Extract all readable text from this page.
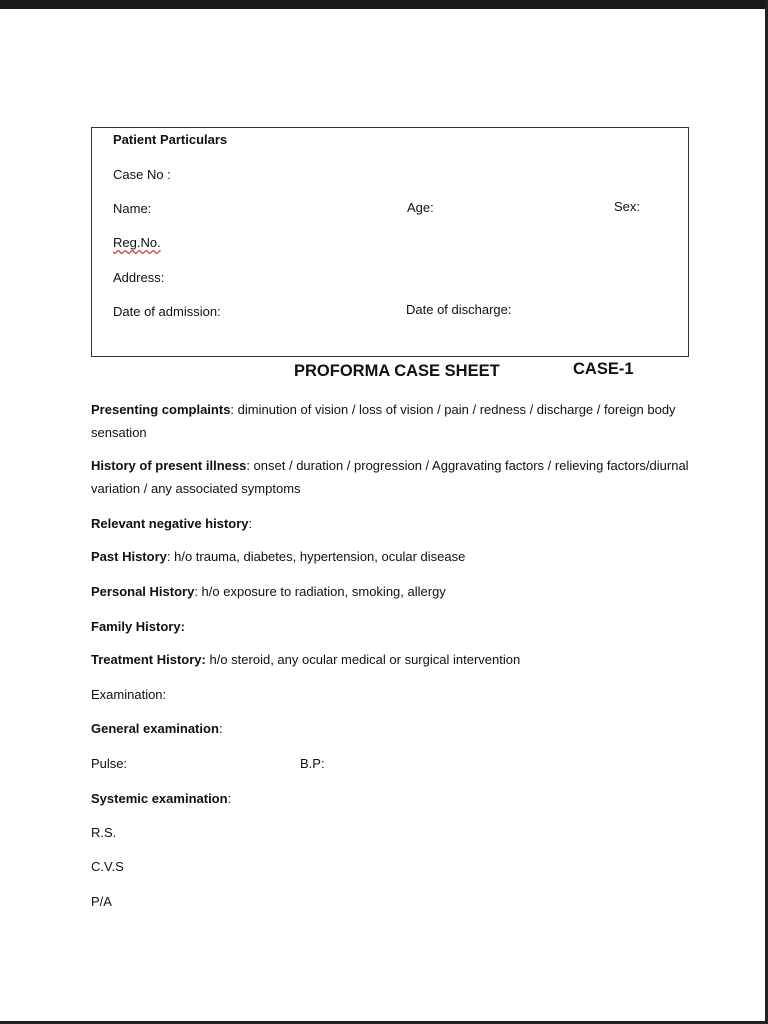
Patient Particulars
Case No :
Name:	Age:	Sex:
Reg.No.
Address:
Date of admission:	Date of discharge:
PROFORMA CASE SHEET	CASE-1
Presenting complaints: diminution of vision / loss of vision / pain / redness / discharge / foreign body sensation
History of present illness: onset / duration / progression / Aggravating factors / relieving factors/diurnal variation / any associated symptoms
Relevant negative history:
Past History: h/o trauma, diabetes, hypertension, ocular disease
Personal History: h/o exposure to radiation, smoking, allergy
Family History:
Treatment History: h/o steroid, any ocular medical or surgical intervention
Examination:
General examination:
Pulse:	B.P:
Systemic examination:
R.S.
C.V.S
P/A
